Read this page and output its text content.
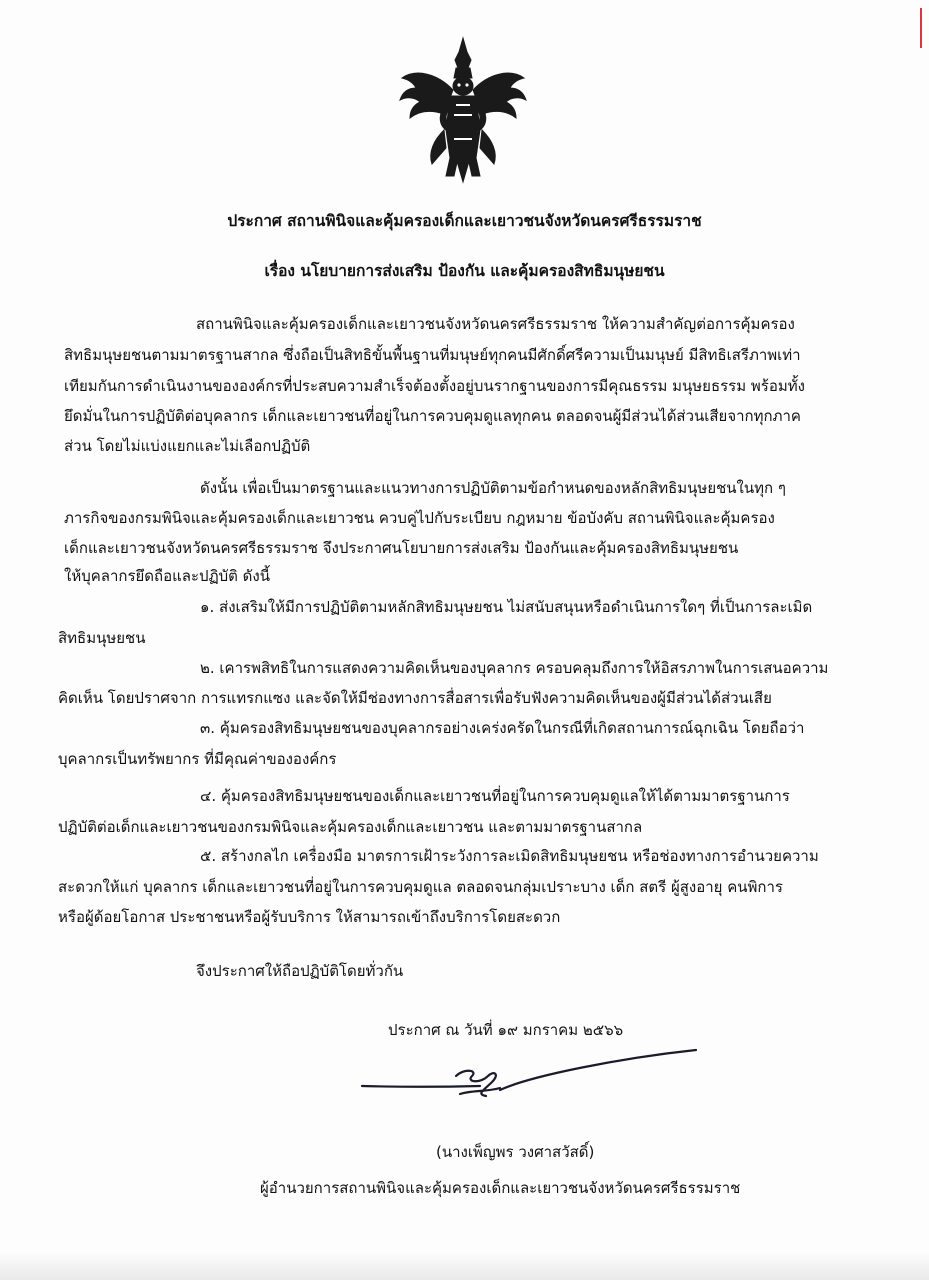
ประกาศ สถานพินิจและคุ้มครองเด็กและเยาวชนจังหวัดนครศรีธรรมราช
เรื่อง นโยบายการส่งเสริม ป้องกัน และคุ้มครองสิทธิมนุษยชน
สถานพินิจและคุ้มครองเด็กและเยาวชนจังหวัดนครศรีธรรมราช ให้ความสำคัญต่อการคุ้มครอง
สิทธิมนุษยชนตามมาตรฐานสากล ซึ่งถือเป็นสิทธิขั้นพื้นฐานที่มนุษย์ทุกคนมีศักดิ์ศรีความเป็นมนุษย์ มีสิทธิเสรีภาพเท่า
เทียมกันการดำเนินงานขององค์กรที่ประสบความสำเร็จต้องตั้งอยู่บนรากฐานของการมีคุณธรรม มนุษยธรรม พร้อมทั้ง
ยึดมั่นในการปฏิบัติต่อบุคลากร เด็กและเยาวชนที่อยู่ในการควบคุมดูแลทุกคน ตลอดจนผู้มีส่วนได้ส่วนเสียจากทุกภาค
ส่วน โดยไม่แบ่งแยกและไม่เลือกปฏิบัติ
ดังนั้น เพื่อเป็นมาตรฐานและแนวทางการปฏิบัติตามข้อกำหนดของหลักสิทธิมนุษยชนในทุก ๆ
ภารกิจของกรมพินิจและคุ้มครองเด็กและเยาวชน ควบคู่ไปกับระเบียบ กฎหมาย ข้อบังคับ สถานพินิจและคุ้มครอง
เด็กและเยาวชนจังหวัดนครศรีธรรมราช จึงประกาศนโยบายการส่งเสริม ป้องกันและคุ้มครองสิทธิมนุษยชน
ให้บุคลากรยึดถือและปฏิบัติ ดังนี้
๑. ส่งเสริมให้มีการปฏิบัติตามหลักสิทธิมนุษยชน ไม่สนับสนุนหรือดำเนินการใดๆ ที่เป็นการละเมิด
สิทธิมนุษยชน
๒. เคารพสิทธิในการแสดงความคิดเห็นของบุคลากร ครอบคลุมถึงการให้อิสรภาพในการเสนอความ
คิดเห็น โดยปราศจาก การแทรกแซง และจัดให้มีช่องทางการสื่อสารเพื่อรับฟังความคิดเห็นของผู้มีส่วนได้ส่วนเสีย
๓. คุ้มครองสิทธิมนุษยชนของบุคลากรอย่างเคร่งครัดในกรณีที่เกิดสถานการณ์ฉุกเฉิน โดยถือว่า
บุคลากรเป็นทรัพยากร ที่มีคุณค่าขององค์กร
๔. คุ้มครองสิทธิมนุษยชนของเด็กและเยาวชนที่อยู่ในการควบคุมดูแลให้ได้ตามมาตรฐานการ
ปฏิบัติต่อเด็กและเยาวชนของกรมพินิจและคุ้มครองเด็กและเยาวชน และตามมาตรฐานสากล
๕. สร้างกลไก เครื่องมือ มาตรการเฝ้าระวังการละเมิดสิทธิมนุษยชน หรือช่องทางการอำนวยความ
สะดวกให้แก่ บุคลากร เด็กและเยาวชนที่อยู่ในการควบคุมดูแล ตลอดจนกลุ่มเปราะบาง เด็ก สตรี ผู้สูงอายุ คนพิการ
หรือผู้ด้อยโอกาส ประชาชนหรือผู้รับบริการ ให้สามารถเข้าถึงบริการโดยสะดวก
จึงประกาศให้ถือปฏิบัติโดยทั่วกัน
ประกาศ ณ วันที่ ๑๙ มกราคม ๒๕๖๖
(นางเพ็ญพร วงศาสวัสดิ์)
ผู้อำนวยการสถานพินิจและคุ้มครองเด็กและเยาวชนจังหวัดนครศรีธรรมราช
